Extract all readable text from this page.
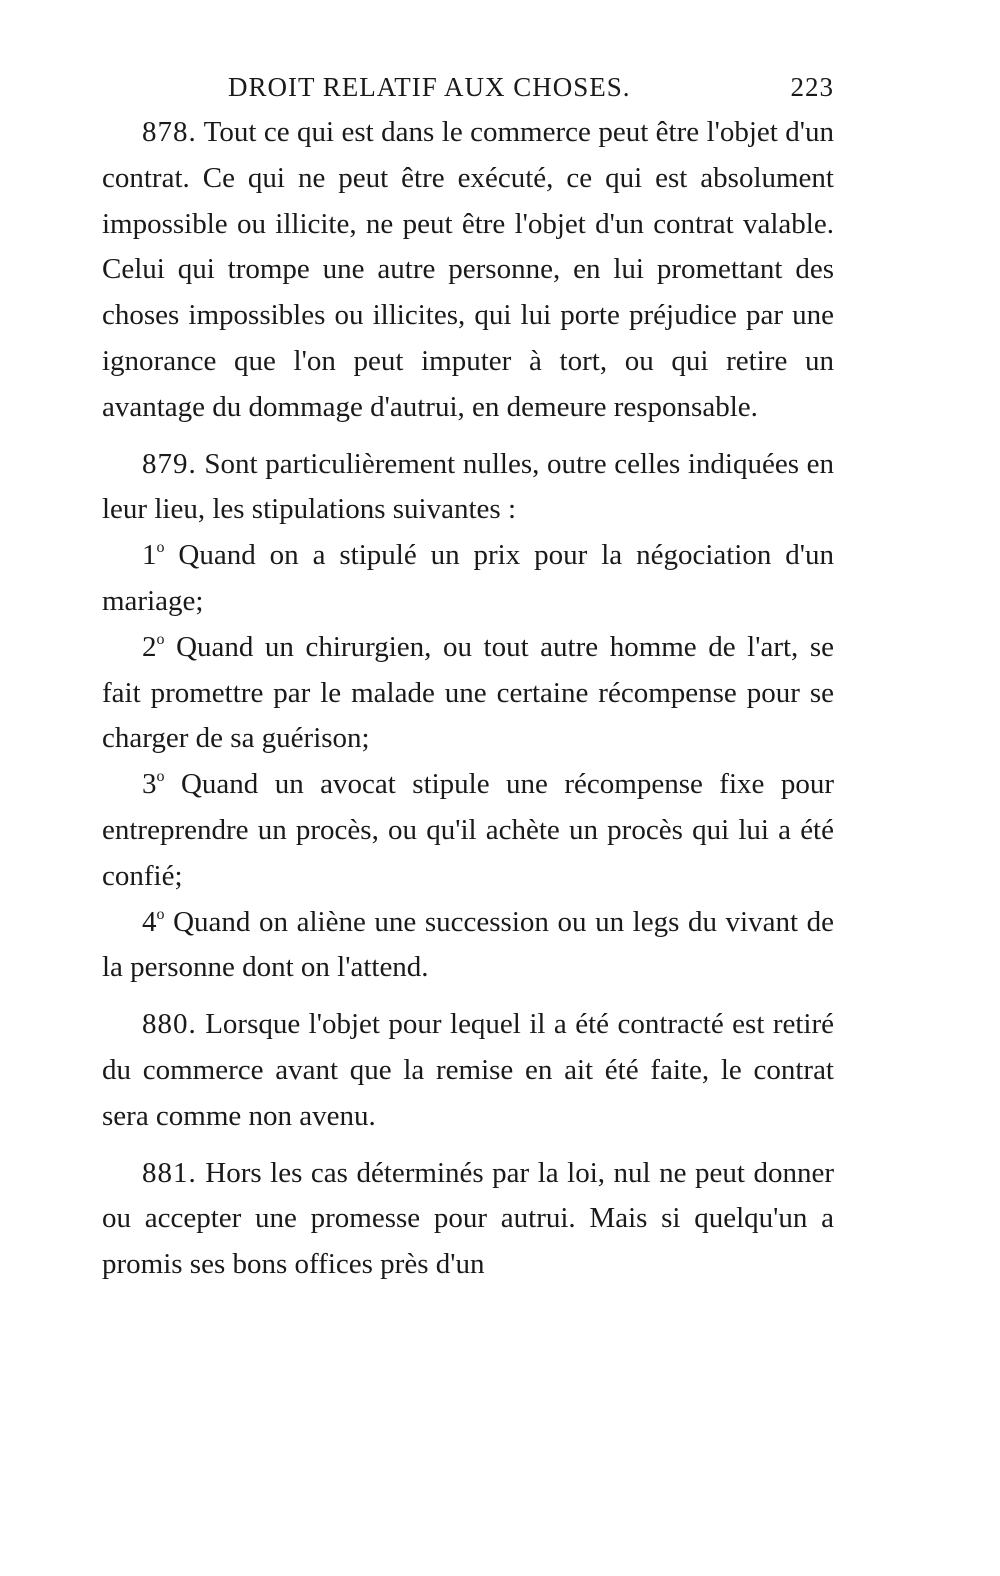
DROIT RELATIF AUX CHOSES.	223

878. Tout ce qui est dans le commerce peut être l'objet d'un contrat. Ce qui ne peut être exécuté, ce qui est absolument impossible ou illicite, ne peut être l'objet d'un contrat valable. Celui qui trompe une autre personne, en lui promettant des choses impossibles ou illicites, qui lui porte préjudice par une ignorance que l'on peut imputer à tort, ou qui retire un avantage du dommage d'autrui, en demeure responsable.

879. Sont particulièrement nulles, outre celles indiquées en leur lieu, les stipulations suivantes :

1$^o$ Quand on a stipulé un prix pour la négociation d'un mariage;

2$^o$ Quand un chirurgien, ou tout autre homme de l'art, se fait promettre par le malade une certaine récompense pour se charger de sa guérison;

3$^o$ Quand un avocat stipule une récompense fixe pour entreprendre un procès, ou qu'il achète un procès qui lui a été confié;

4$^o$ Quand on aliène une succession ou un legs du vivant de la personne dont on l'attend.

880. Lorsque l'objet pour lequel il a été contracté est retiré du commerce avant que la remise en ait été faite, le contrat sera comme non avenu.

881. Hors les cas déterminés par la loi, nul ne peut donner ou accepter une promesse pour autrui. Mais si quelqu'un a promis ses bons offices près d'un
